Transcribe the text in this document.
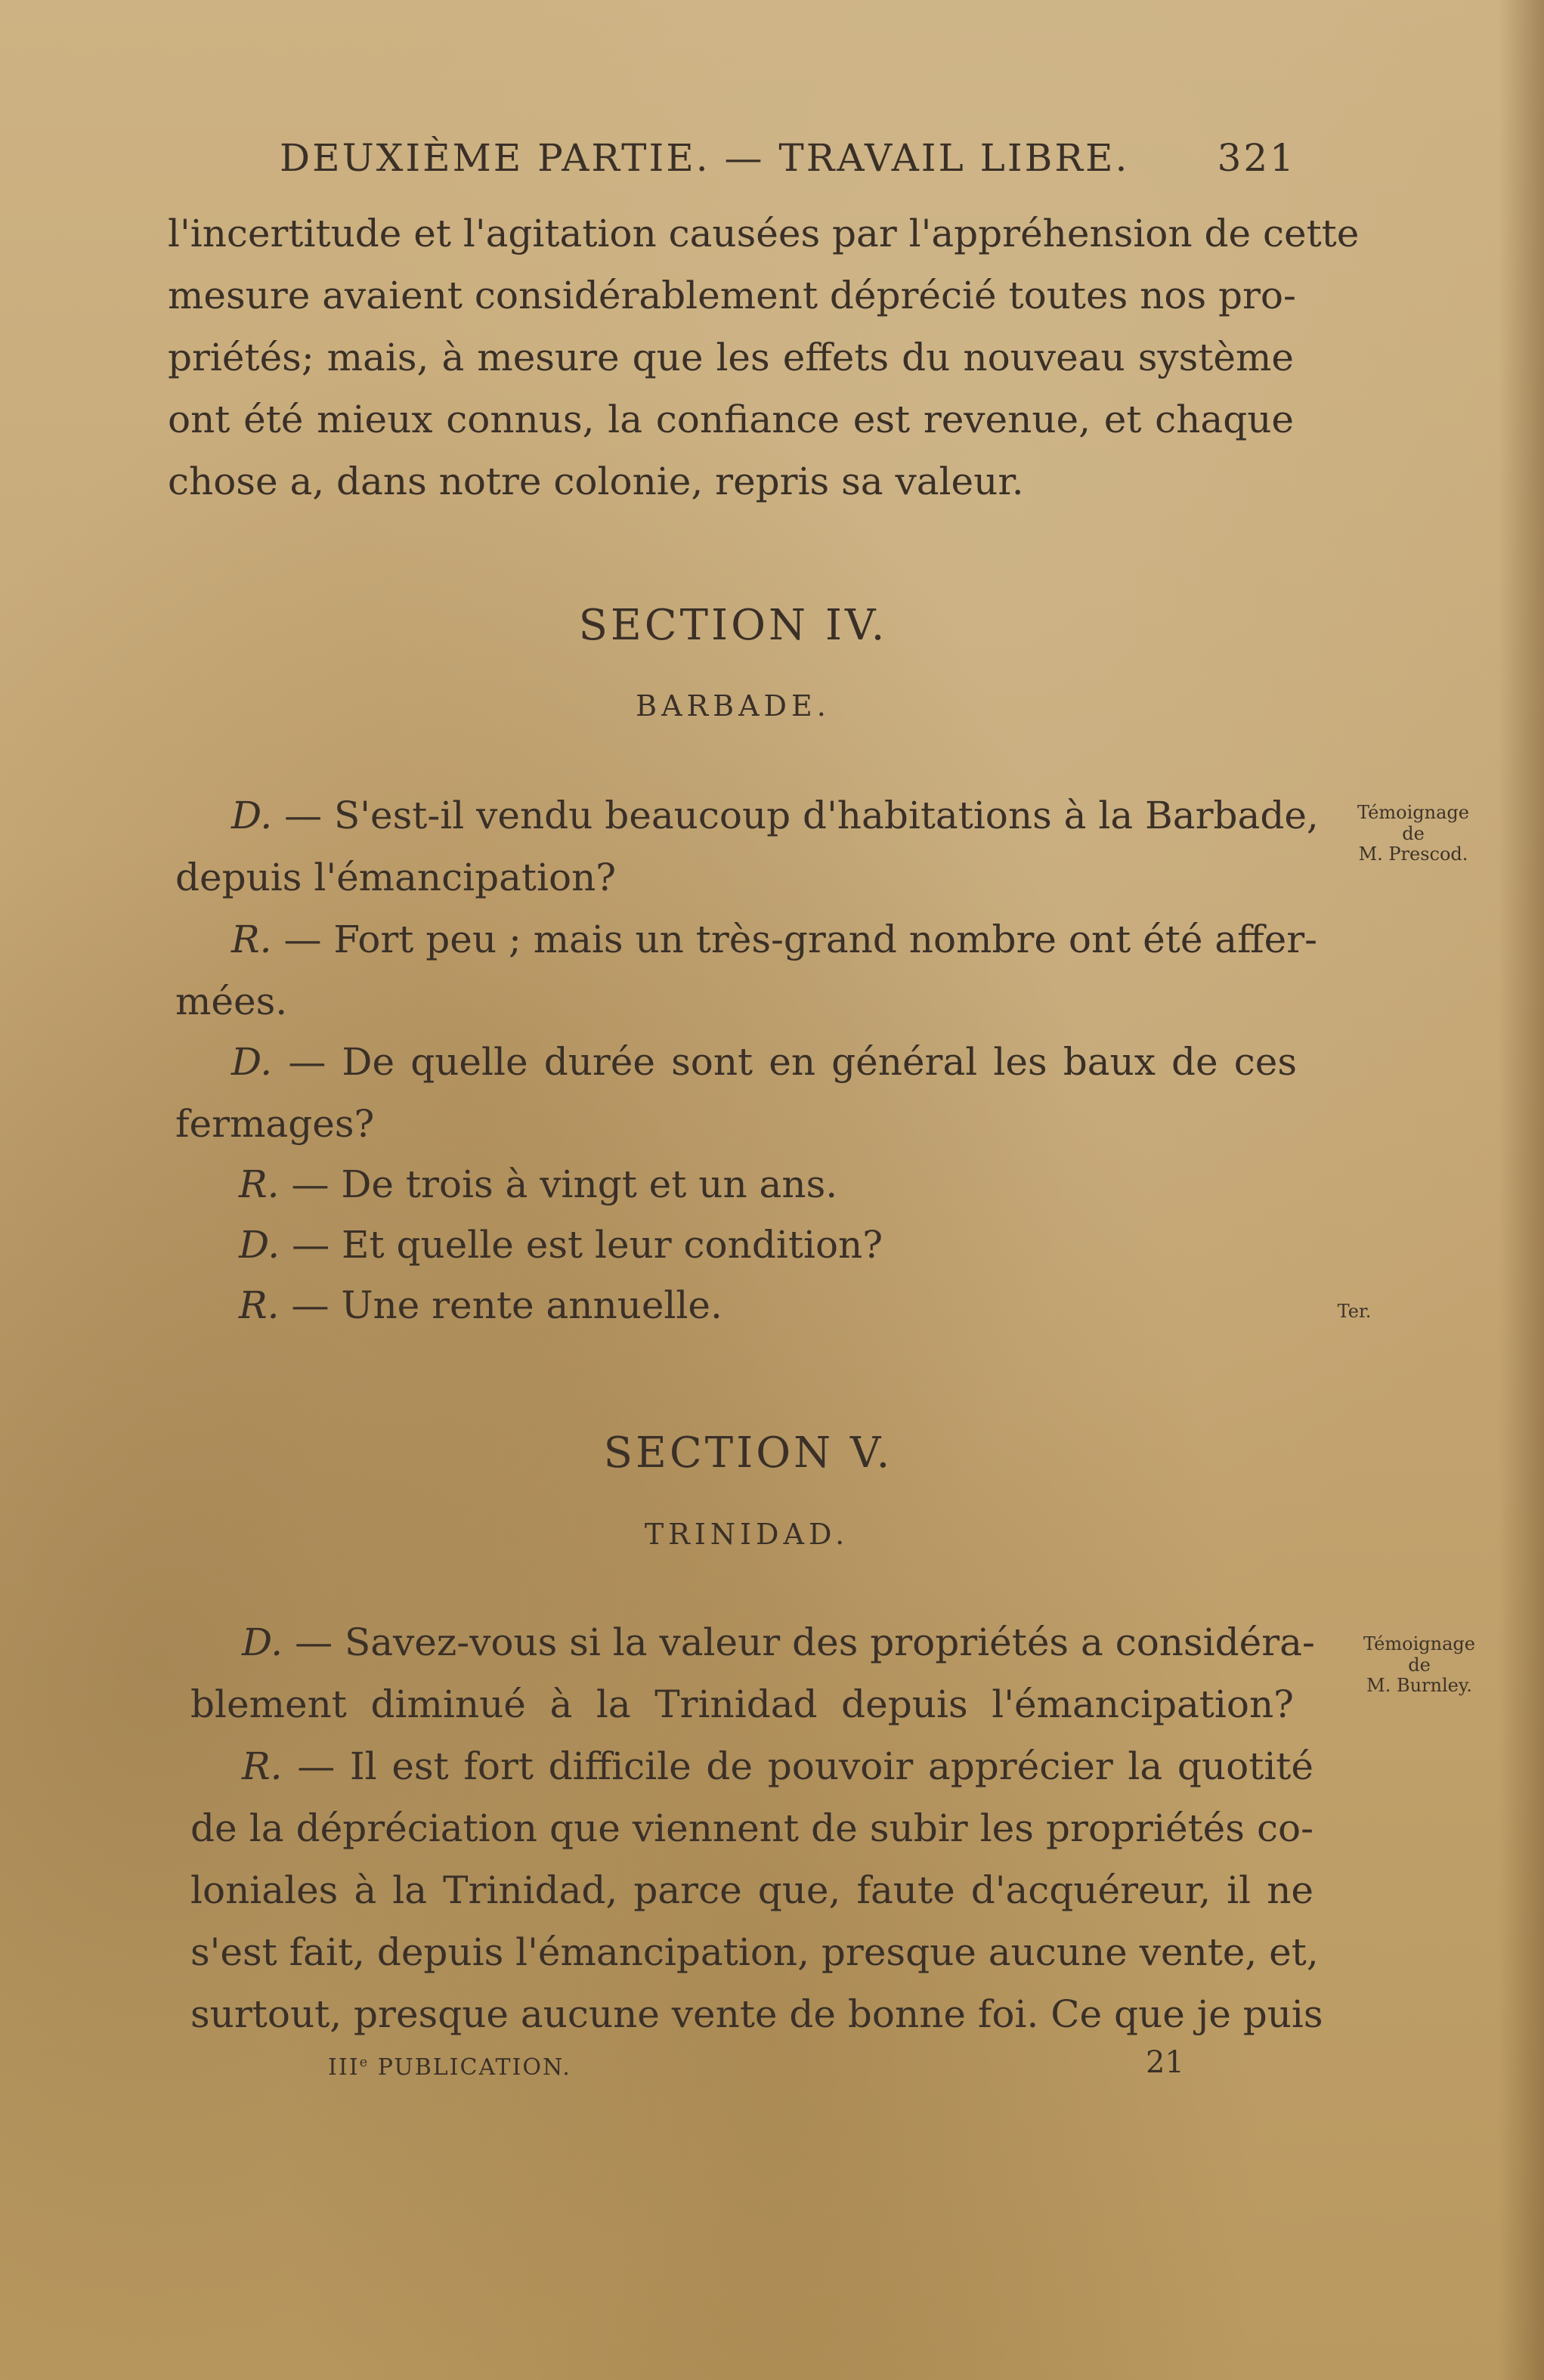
DEUXIÈME PARTIE. — TRAVAIL LIBRE. 321
l'incertitude et l'agitation causées par l'appréhension de cette
mesure avaient considérablement déprécié toutes nos pro-
priétés; mais, à mesure que les effets du nouveau système
ont été mieux connus, la confiance est revenue, et chaque
chose a, dans notre colonie, repris sa valeur.
SECTION IV.
BARBADE.
Témoignage
de
M. Prescod.
D. — S'est-il vendu beaucoup d'habitations à la Barbade,
depuis l'émancipation?
R. — Fort peu ; mais un très-grand nombre ont été affer-
mées.
D. — De quelle durée sont en général les baux de ces
fermages?
R. — De trois à vingt et un ans.
D. — Et quelle est leur condition?
R. — Une rente annuelle.	Ter.
SECTION V.
TRINIDAD.
Témoignage
de
M. Burnley.
D. — Savez-vous si la valeur des propriétés a considéra-
blement diminué à la Trinidad depuis l'émancipation?
R. — Il est fort difficile de pouvoir apprécier la quotité
de la dépréciation que viennent de subir les propriétés co-
loniales à la Trinidad, parce que, faute d'acquéreur, il ne
s'est fait, depuis l'émancipation, presque aucune vente, et,
surtout, presque aucune vente de bonne foi. Ce que je puis
IIIe PUBLICATION.	21
